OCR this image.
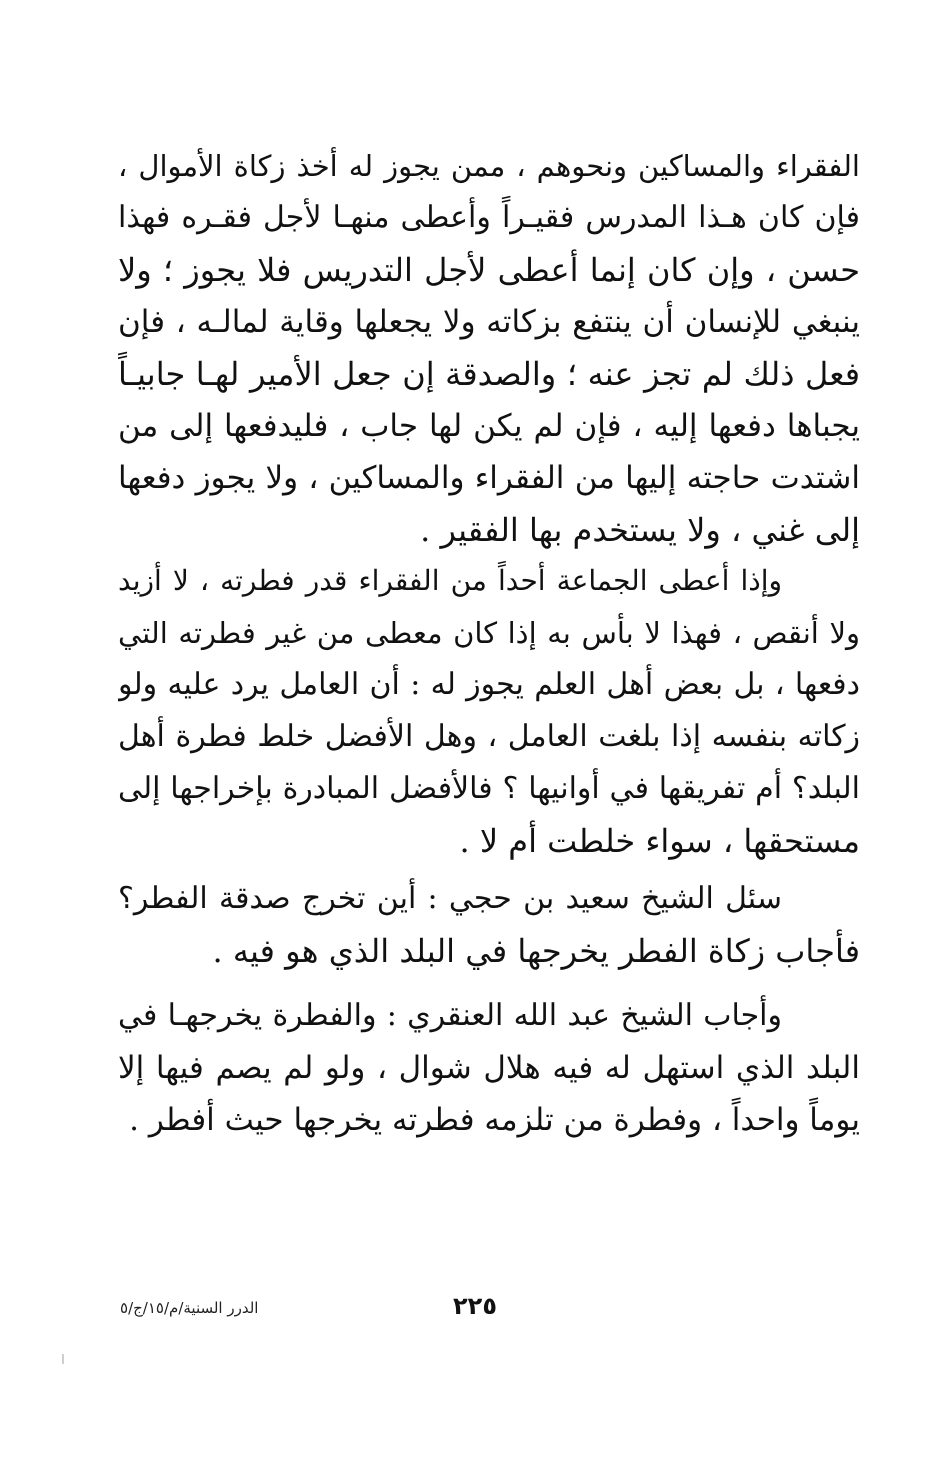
الفقراء والمساكين ونحوهم ، ممن يجوز له أخذ زكاة الأموال ،
فإن كان هـذا المدرس فقيـراً وأعطى منهـا لأجل فقـره فهذا
حسن ، وإن كان إنما أعطى لأجل التدريس فلا يجوز ؛ ولا
ينبغي للإنسان أن ينتفع بزكاته ولا يجعلها وقاية لمالـه ، فإن
فعل ذلك لم تجز عنه ؛ والصدقة إن جعل الأمير لهـا جابيـاً
يجباها دفعها إليه ، فإن لم يكن لها جاب ، فليدفعها إلى من
اشتدت حاجته إليها من الفقراء والمساكين ، ولا يجوز دفعها
إلى غني ، ولا يستخدم بها الفقير .
وإذا أعطى الجماعة أحداً من الفقراء قدر فطرته ، لا أزيد
ولا أنقص ، فهذا لا بأس به إذا كان معطى من غير فطرته التي
دفعها ، بل بعض أهل العلم يجوز له : أن العامل يرد عليه ولو
زكاته بنفسه إذا بلغت العامل ، وهل الأفضل خلط فطرة أهل
البلد؟ أم تفريقها في أوانيها ؟ فالأفضل المبادرة بإخراجها إلى
مستحقها ، سواء خلطت أم لا .
سئل الشيخ سعيد بن حجي : أين تخرج صدقة الفطر؟
فأجاب زكاة الفطر يخرجها في البلد الذي هو فيه .
وأجاب الشيخ عبد الله العنقري : والفطرة يخرجهـا في
البلد الذي استهل له فيه هلال شوال ، ولو لم يصم فيها إلا
يوماً واحداً ، وفطرة من تلزمه فطرته يخرجها حيث أفطر .
الدرر السنية/م/١٥/ج/٥	٢٢٥
